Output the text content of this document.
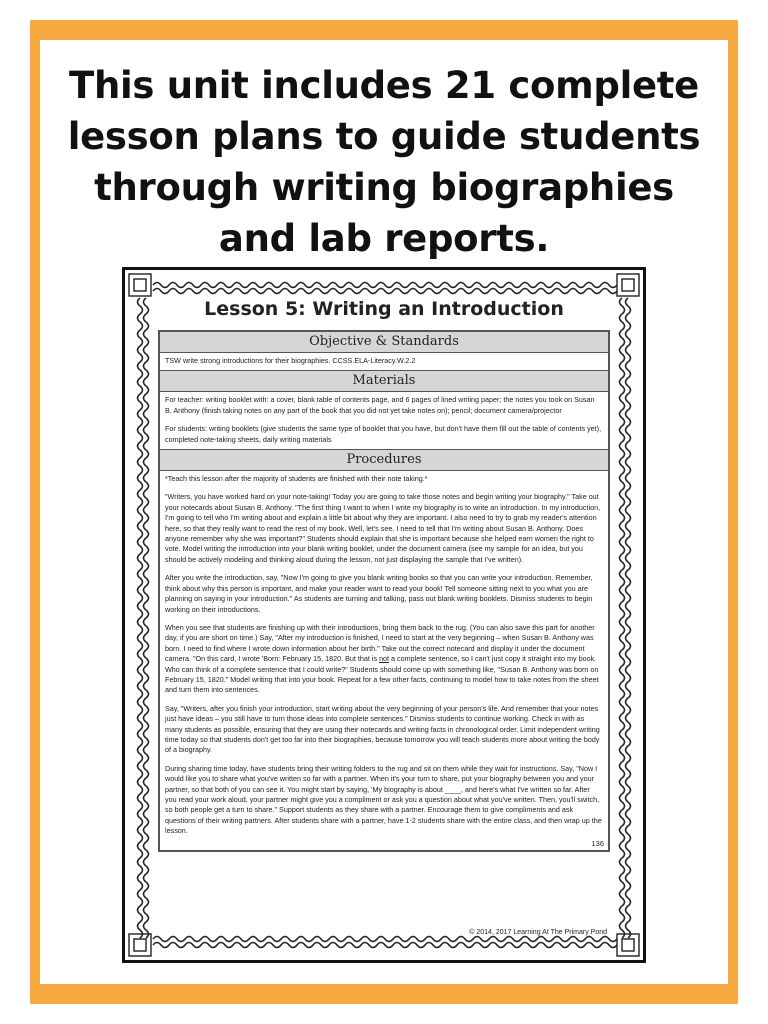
This unit includes 21 complete
lesson plans to guide students
through writing biographies
and lab reports.
Lesson 5: Writing an Introduction
Objective & Standards

TSW write strong introductions for their biographies. CCSS.ELA-Literacy.W.2.2

Materials

For teacher: writing booklet with: a cover, blank table of contents page, and 6 pages of lined writing paper; the notes you took on Susan B. Anthony (finish taking notes on any part of the book that you did not yet take notes on); pencil; document camera/projector

For students: writing booklets (give students the same type of booklet that you have, but don't have them fill out the table of contents yet), completed note-taking sheets, daily writing materials

Procedures

*Teach this lesson after the majority of students are finished with their note taking.*

"Writers, you have worked hard on your note-taking! Today you are going to take those notes and begin writing your biography." Take out your notecards about Susan B. Anthony. "The first thing I want to when I write my biography is to write an introduction. In my introduction, I'm going to tell who I'm writing about and explain a little bit about why they are important. I also need to try to grab my reader's attention here, so that they really want to read the rest of my book. Well, let's see. I need to tell that I'm writing about Susan B. Anthony. Does anyone remember why she was important?" Students should explain that she is important because she helped earn women the right to vote. Model writing the introduction into your blank writing booklet, under the document camera (see my sample for an idea, but you should be actively modeling and thinking aloud during the lesson, not just displaying the sample that I've written).

After you write the introduction, say, "Now I'm going to give you blank writing books so that you can write your introduction. Remember, think about why this person is important, and make your reader want to read your book! Tell someone sitting next to you what you are planning on saying in your introduction." As students are turning and talking, pass out blank writing booklets. Dismiss students to begin working on their introductions.

When you see that students are finishing up with their introductions, bring them back to the rug. (You can also save this part for another day, if you are short on time.) Say, "After my introduction is finished, I need to start at the very beginning – when Susan B. Anthony was born. I need to find where I wrote down information about her birth." Take out the correct notecard and display it under the document camera. "On this card, I wrote 'Born: February 15, 1820. But that is not a complete sentence, so I can't just copy it straight into my book. Who can think of a complete sentence that I could write?" Students should come up with something like, "Susan B. Anthony was born on February 15, 1820." Model writing that into your book. Repeat for a few other facts, continuing to model how to take notes from the sheet and turn them into sentences.

Say, "Writers, after you finish your introduction, start writing about the very beginning of your person's life. And remember that your notes just have ideas – you still have to turn those ideas into complete sentences." Dismiss students to continue working. Check in with as many students as possible, ensuring that they are using their notecards and writing facts in chronological order. Limit independent writing time today so that students don't get too far into their biographies, because tomorrow you will teach students more about writing the body of a biography.

During sharing time today, have students bring their writing folders to the rug and sit on them while they wait for instructions. Say, "Now I would like you to share what you've written so far with a partner. When it's your turn to share, put your biography between you and your partner, so that both of you can see it. You might start by saying, 'My biography is about ____, and here's what I've written so far. After you read your work aloud, your partner might give you a compliment or ask you a question about what you've written. Then, you'll switch, so both people get a turn to share." Support students as they share with a partner. Encourage them to give compliments and ask questions of their writing partners. After students share with a partner, have 1-2 students share with the entire class, and then wrap up the lesson.

136
© 2014, 2017 Learning At The Primary Pond
